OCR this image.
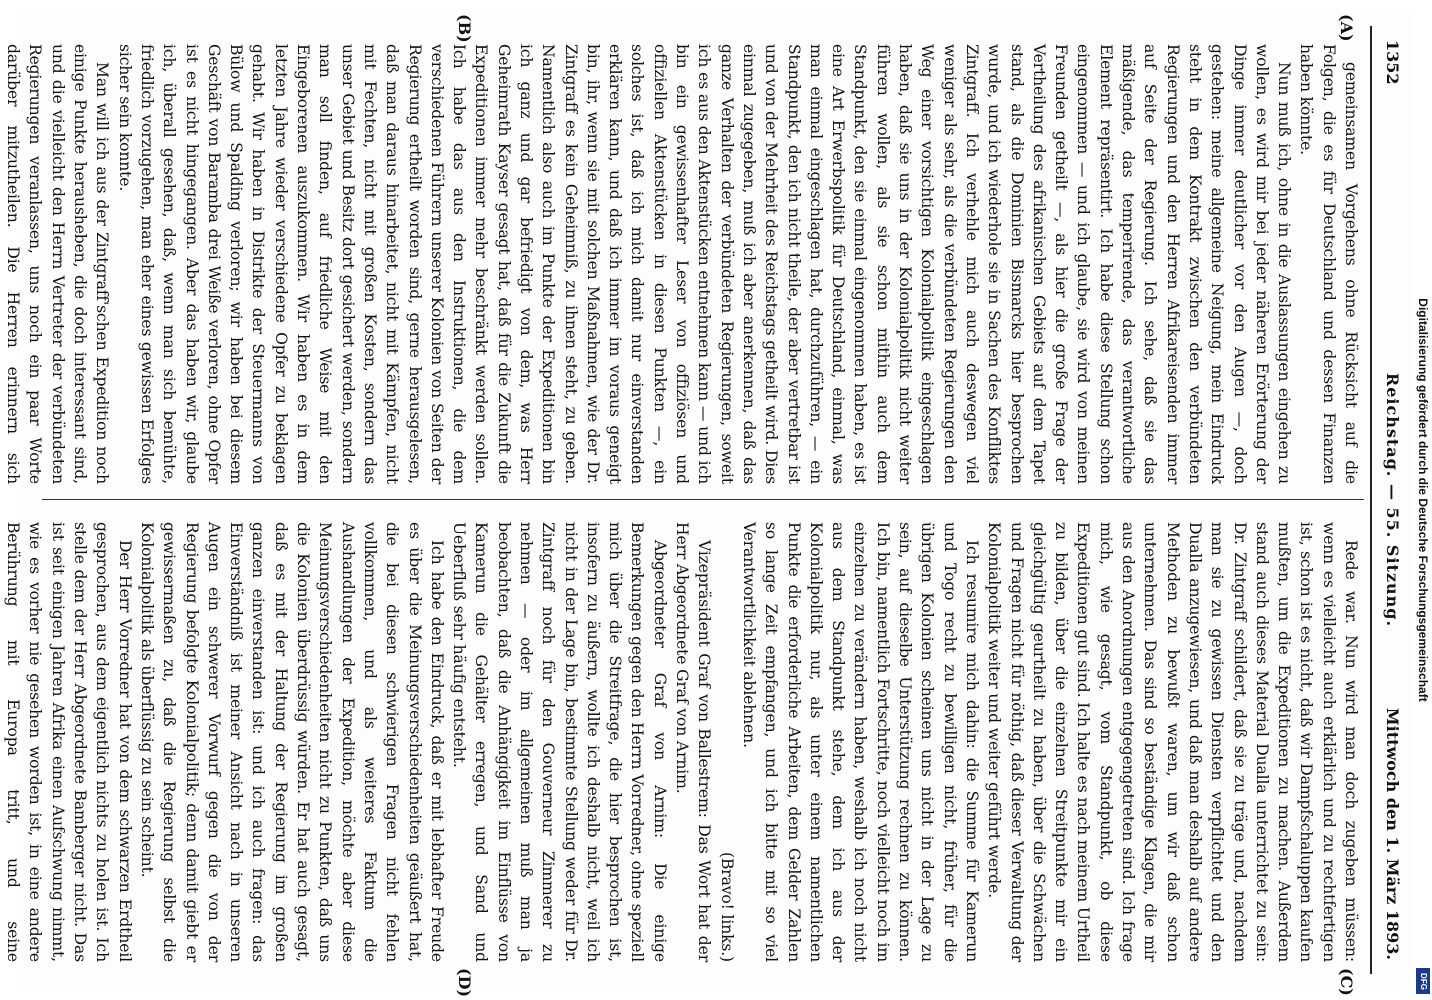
1352
Reichstag. — 55. Sitzung.
Mittwoch den 1. März 1893.
(A)
(B)
(C)
(D)

gemeinsamen Vorgehens ohne Rücksicht auf die Folgen, die es für Deutschland und dessen Finanzen haben könnte.

Nun muß ich, ohne in die Auslassungen eingehen zu wollen, es wird mir bei jeder näheren Erörterung der Dinge immer deutlicher vor den Augen —, doch gestehen: meine allgemeine Neigung, mein Eindruck steht in dem Kontrakt zwischen den verbündeten Regierungen und den Herren Afrikareisenden immer auf Seite der Regierung. Ich sehe, daß sie das mäßigende, das temperirende, das verantwortliche Element repräsentirt. Ich habe diese Stellung schon eingenommen — und ich glaube, sie wird von meinen Freunden getheilt —, als hier die große Frage der Vertheilung des afrikanischen Gebiets auf dem Tapet stand, als die Dominien Bismarcks hier besprochen wurde, und ich wiederhole sie in Sachen des Konfliktes Zintgraff. Ich verhehle mich auch deswegen viel weniger als sehr, als die verbündeten Regierungen den Weg einer vorsichtigen Kolonialpolitik eingeschlagen haben, daß sie uns in der Kolonialpolitik nicht weiter führen wollen, als sie schon mithin auch dem Standpunkt, den sie einmal eingenommen haben, es ist eine Art Erwerbspolitik für Deutschland, einmal, was man einmal eingeschlagen hat, durchzuführen, — ein Standpunkt, den ich nicht theile, der aber vertretbar ist und von der Mehrheit des Reichstags getheilt wird. Dies einmal zugegeben, muß ich aber anerkennen, daß das ganze Verhalten der verbündeten Regierungen, soweit ich es aus den Aktenstücken entnehmen kann — und ich bin ein gewissenhafter Leser von offiziösen und offiziellen Aktenstücken in diesen Punkten —, ein solches ist, daß ich mich damit nur einverstanden erklären kann, und daß ich immer im voraus geneigt bin, ihr, wenn sie mit solchen Maßnahmen, wie der Dr. Zintgraff es kein Geheimniß, zu ihnen steht, zu geben. Namentlich also auch im Punkte der Expeditionen bin ich ganz und gar befriedigt von dem, was Herr Geheimrath Kayser gesagt hat, daß für die Zukunft die Expeditionen immer mehr beschränkt werden sollen. Ich habe das aus den Instruktionen, die dem verschiedenen Führern unserer Kolonien von Seiten der Regierung ertheilt worden sind, gerne herausgelesen, daß man daraus hinarbeitet, nicht mit Kämpfen, nicht mit Fechten, nicht mit großen Kosten, sondern das unser Gebiet und Besitz dort gesichert werden, sondern man soll finden, auf friedliche Weise mit den Eingeborenen auszukommen. Wir haben es in dem letzten Jahre wieder verschiedene Opfer zu beklagen gehabt. Wir haben in Distrikte der Steuermanns von Bülow und Spalding verloren; wir haben bei diesem Geschäft von Baramba drei Weiße verloren, ohne Opfer ist es nicht hingegangen. Aber das haben wir, glaube ich, überall gesehen, daß, wenn man sich bemühte, friedlich vorzugehen, man eher eines gewissen Erfolges sicher sein konnte.

Man will ich aus der Zintgraff'schen Expedition noch einige Punkte herausheben, die doch interessant sind, und die vielleicht den Herrn Vertreter der verbündeten Regierungen veranlassen, uns noch ein paar Worte darüber mitzutheilen. Die Herren erinnern sich

Rede war. Nun wird man doch zugeben müssen: wenn es vielleicht auch erklärlich und zu rechtfertigen ist, schon ist es nicht, daß wir Dampfschaluppen kaufen mußten, um die Expeditionen zu machen. Außerdem stand auch dieses Material Dualla unterrichtet zu sein: Dr. Zintgraff schildert, daß sie zu träge und, nachdem man sie zu gewissen Diensten verpflichtet und den Dualla anzugewiesen, und daß man deshalb auf andere Methoden zu bewußt waren, um wir daß schon unternehmen. Das sind so beständige Klagen, die mir aus den Anordnungen entgegengetreten sind. Ich frage mich, wie gesagt, vom Standpunkt, ob diese Expeditionen gut sind. Ich halte es nach meinem Urtheil zu bilden, über die einzelnen Streitpunkte mir ein gleichgültig geurtheilt zu haben, über die Schwächen und Fragen nicht für nöthig, daß dieser Verwaltung der Kolonialpolitik weiter und weiter geführt werde.

Ich resumire mich dahin: die Summe für Kamerun und Togo recht zu bewilligen nicht, früher, für die übrigen Kolonien scheinen uns nicht in der Lage zu sein, auf dieselbe Unterstützung rechnen zu können. Ich bin, namentlich Fortschritte, noch vielleicht noch im einzelnen zu verändern haben, weshalb ich noch nicht aus dem Standpunkt stehe, dem ich aus der Kolonialpolitik nur, als unter einem namentlichen Punkte die erforderliche Arbeiten, dem Gelder Zahlen so lange Zeit empfangen, und ich bitte mit so viel Verantwortlichkeit ablehnen.

(Bravo! links.)

Vizepräsident Graf von Ballestrem: Das Wort hat der Herr Abgeordnete Graf von Arnim.

Abgeordneter Graf von Arnim: Die einige Bemerkungen gegen den Herrn Vorredner, ohne speziell mich über die Streitfrage, die hier besprochen ist, insofern zu äußern, wollte ich deshalb nicht, weil ich nicht in der Lage bin, bestimmte Stellung weder für Dr. Zintgraff noch für den Gouverneur Zimmerer zu nehmen — oder im allgemeinen muß man ja beobachten, daß die Anhängigkeit im Einflüsse von Kamerun die Gehälter erregen, und Sand und Ueberfluß sehr häufig entsteht.

Ich habe den Eindruck, daß er mit lebhafter Freude es über die Meinungsverschiedenheiten geäußert hat, die bei diesen schwierigen Fragen nicht fehlen vollkommen, und als weiteres Faktum die Aushandlungen der Expedition, möchte aber diese Meinungsverschiedenheiten nicht zu Punkten, daß uns die Kolonien überdrüssig würden. Er hat auch gesagt, daß es mit der Haltung der Regierung im großen ganzen einverstanden ist: und ich auch fragen: das Einverständniß ist meiner Ansicht nach in unseren Augen ein schwerer Vorwurf gegen die von der Regierung befolgte Kolonialpolitik; denn damit giebt er gewissermaßen zu, daß die Regierung selbst die Kolonialpolitik als überflüssig zu sein scheint.

Der Herr Vorredner hat von dem schwarzen Erdtheil gesprochen, aus dem eigentlich nichts zu holen ist. Ich stelle dem der Herr Abgeordnete Bamberger nicht. Das ist seit einigen Jahren Afrika einen Aufschwung nimmt, wie es vorher nie gesehen worden ist, in eine andere Berührung mit Europa tritt, und seine

Digitalisierung gefördert durch die Deutsche Forschungsgemeinschaft
DFG
